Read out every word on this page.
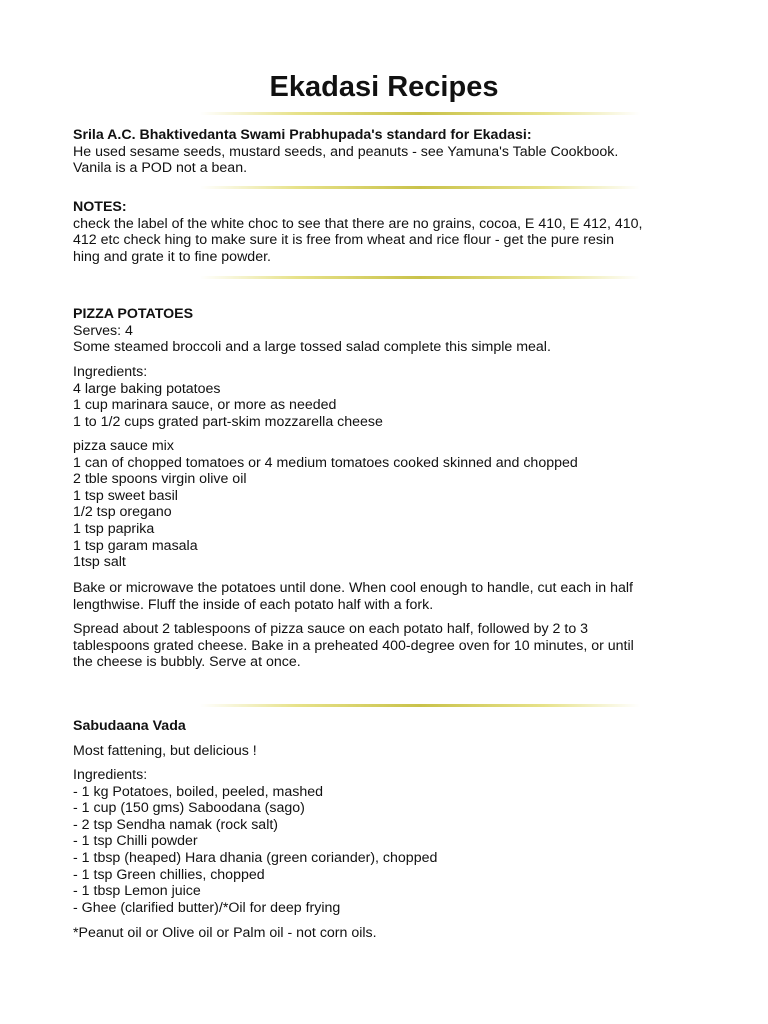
Ekadasi Recipes
Srila A.C. Bhaktivedanta Swami Prabhupada's standard for Ekadasi:
He used sesame seeds, mustard seeds, and peanuts - see Yamuna's Table Cookbook.
Vanila is a POD not a bean.
NOTES:
check the label of the white choc to see that there are no grains, cocoa, E 410, E 412, 410,
412 etc check hing to make sure it is free from wheat and rice flour - get the pure resin
hing and grate it to fine powder.
PIZZA POTATOES
Serves: 4
Some steamed broccoli and a large tossed salad complete this simple meal.
Ingredients:
4 large baking potatoes
1 cup marinara sauce, or more as needed
1 to 1/2 cups grated part-skim mozzarella cheese
pizza sauce mix
1 can of chopped tomatoes or 4 medium tomatoes cooked skinned and chopped
2 tble spoons virgin olive oil
1 tsp sweet basil
1/2 tsp oregano
1 tsp paprika
1 tsp garam masala
1tsp salt
Bake or microwave the potatoes until done. When cool enough to handle, cut each in half
lengthwise. Fluff the inside of each potato half with a fork.
Spread about 2 tablespoons of pizza sauce on each potato half, followed by 2 to 3
tablespoons grated cheese. Bake in a preheated 400-degree oven for 10 minutes, or until
the cheese is bubbly. Serve at once.
Sabudaana Vada
Most fattening, but delicious !
Ingredients:
- 1 kg Potatoes, boiled, peeled, mashed
- 1 cup (150 gms) Saboodana (sago)
- 2 tsp Sendha namak (rock salt)
- 1 tsp Chilli powder
- 1 tbsp (heaped) Hara dhania (green coriander), chopped
- 1 tsp Green chillies, chopped
- 1 tbsp Lemon juice
- Ghee (clarified butter)/*Oil for deep frying
*Peanut oil or Olive oil or Palm oil - not corn oils.
